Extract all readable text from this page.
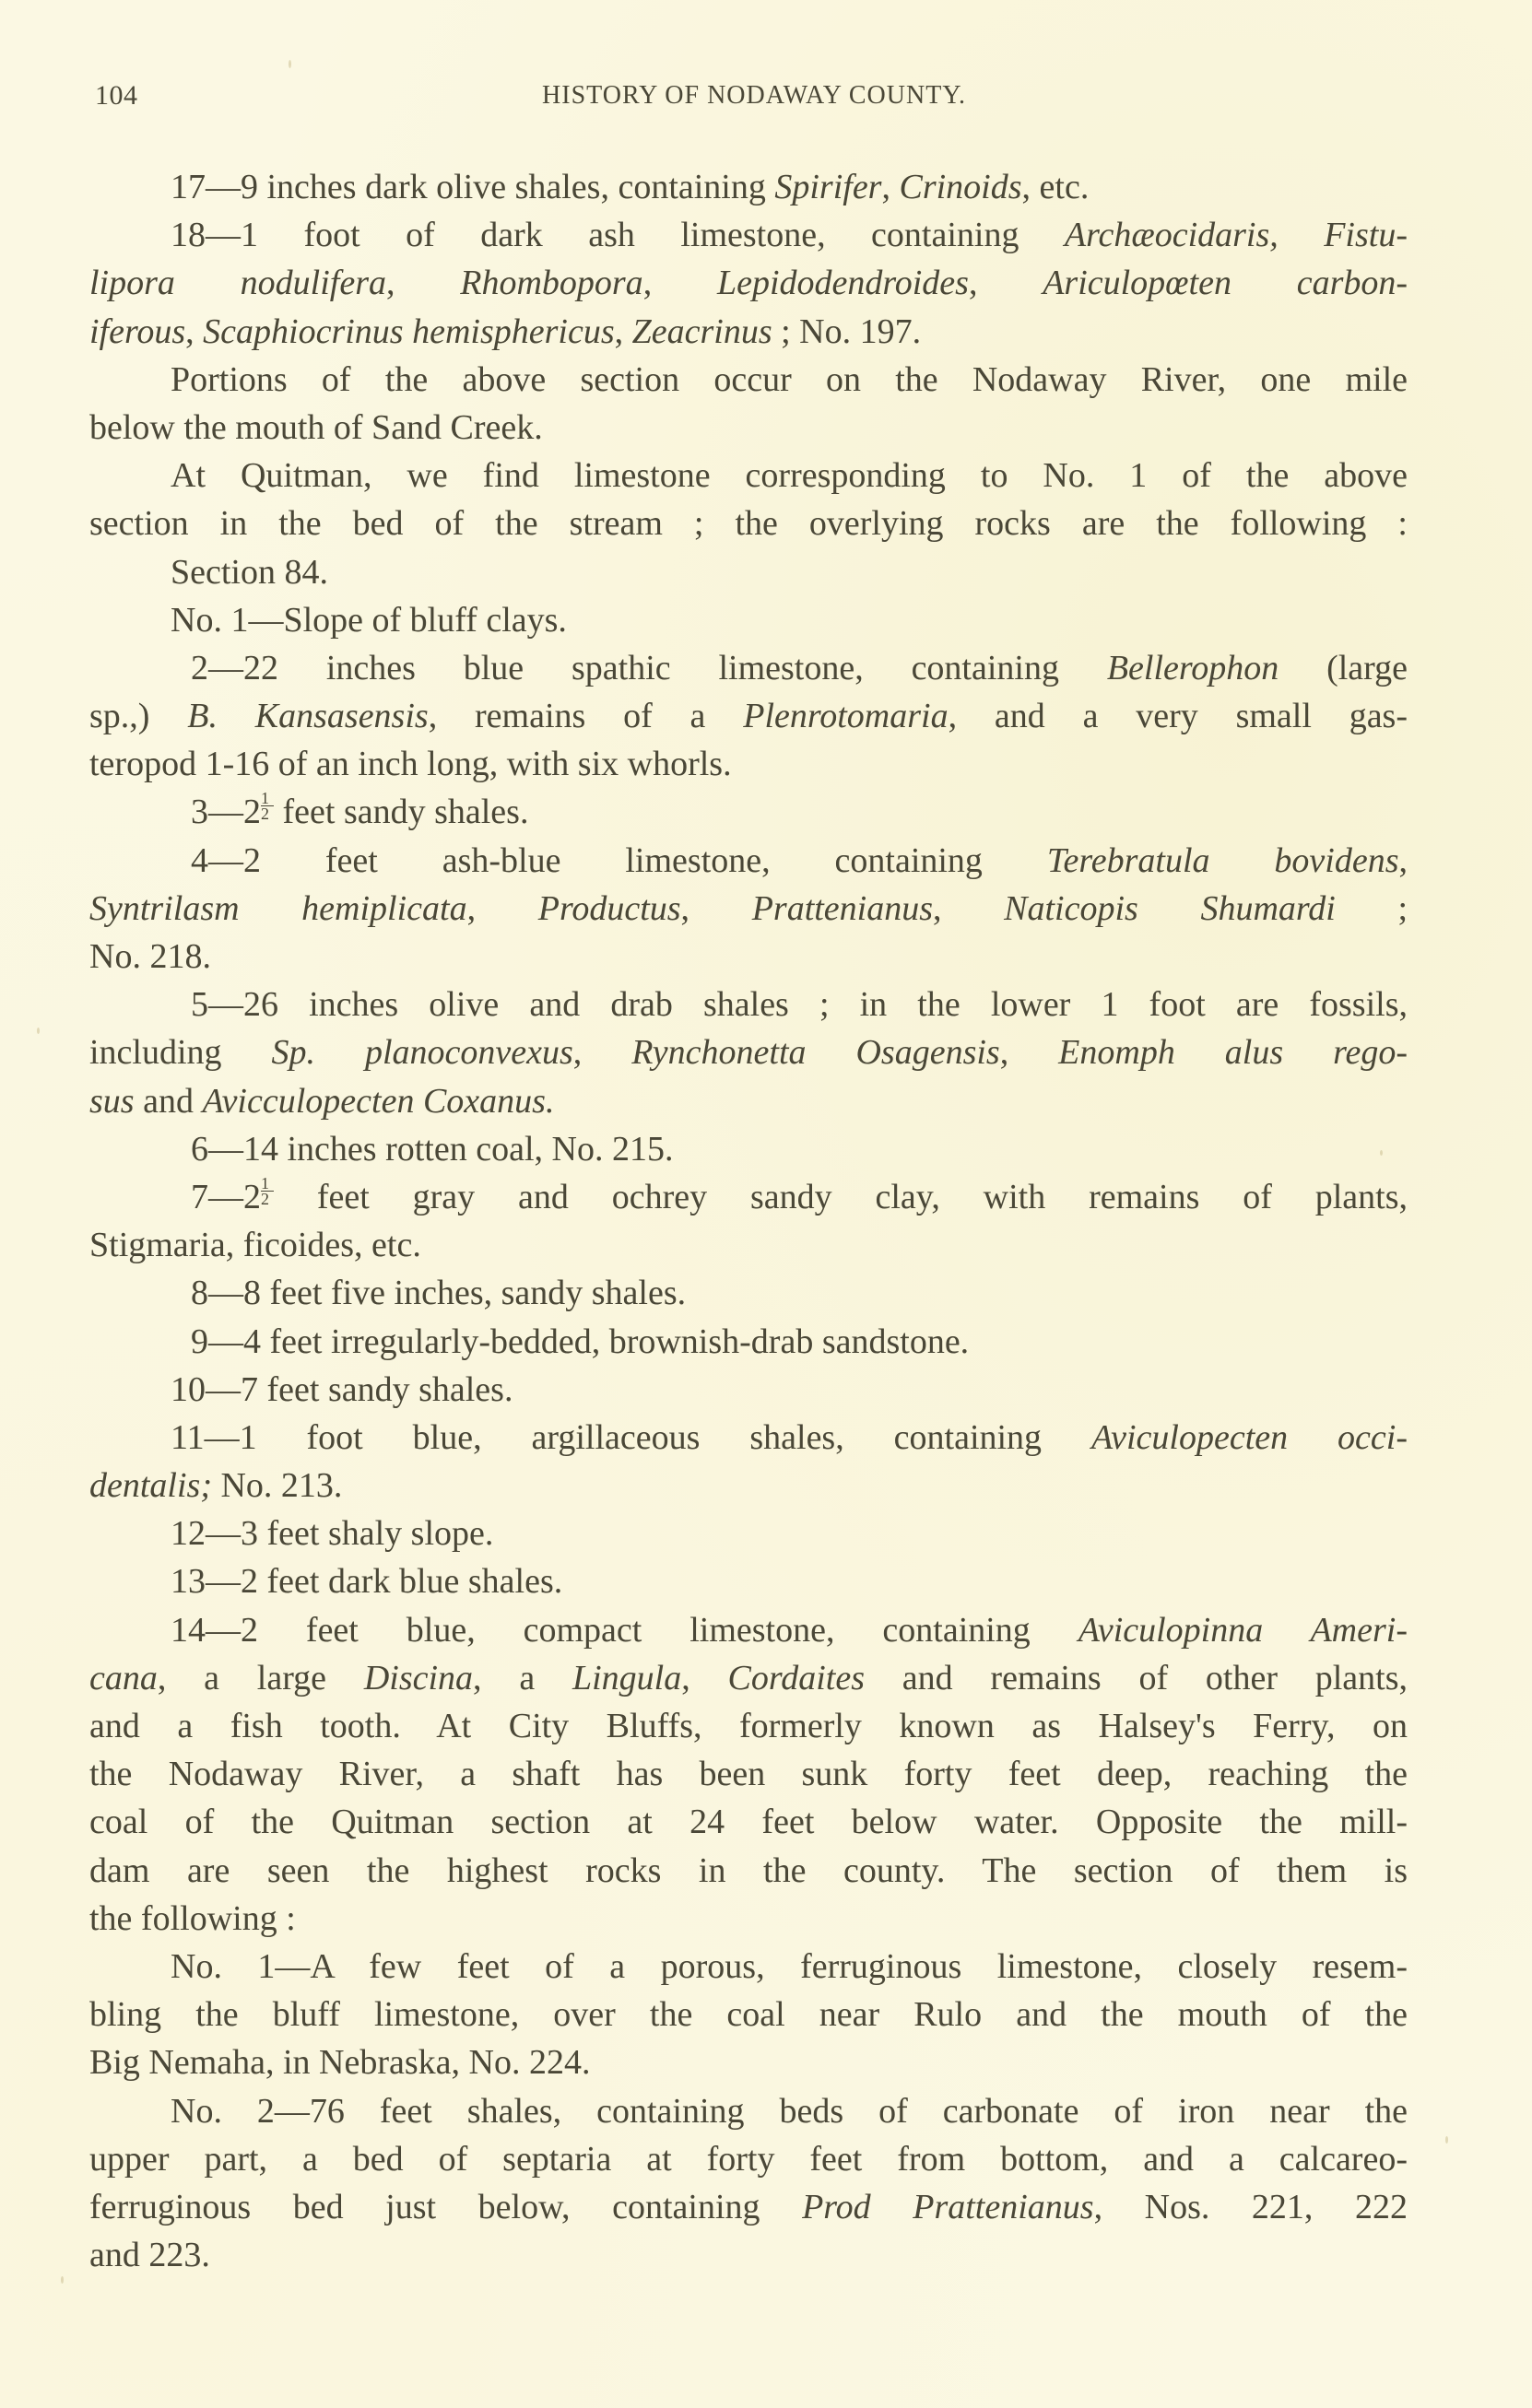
104	HISTORY OF NODAWAY COUNTY.
17—9 inches dark olive shales, containing Spirifer, Crinoids, etc.
18—1 foot of dark ash limestone, containing Archæocidaris, Fistu-
lipora nodulifera, Rhombopora, Lepidodendroides, Ariculopœten carbon-
iferous, Scaphiocrinus hemisphericus, Zeacrinus ; No. 197.
Portions of the above section occur on the Nodaway River, one mile
below the mouth of Sand Creek.
At Quitman, we find limestone corresponding to No. 1 of the above
section in the bed of the stream ; the overlying rocks are the following :
Section 84.
No. 1—Slope of bluff clays.
2—22 inches blue spathic limestone, containing Bellerophon (large
sp.,) B. Kansasensis, remains of a Plenrotomaria, and a very small gas-
teropod 1-16 of an inch long, with six whorls.
3—2 $\frac{1}{2}$ feet sandy shales.
4—2 feet ash-blue limestone, containing Terebratula bovidens,
Syntrilasm hemiplicata, Productus, Prattenianus, Naticopis Shumardi ;
No. 218.
5—26 inches olive and drab shales ; in the lower 1 foot are fossils,
including Sp. planoconvexus, Rynchonetta Osagensis, Enomph alus rego-
sus and Avicculopecten Coxanus.
6—14 inches rotten coal, No. 215.
7—2 $\frac{1}{2}$ feet gray and ochrey sandy clay, with remains of plants,
Stigmaria, ficoides, etc.
8—8 feet five inches, sandy shales.
9—4 feet irregularly-bedded, brownish-drab sandstone.
10—7 feet sandy shales.
11—1 foot blue, argillaceous shales, containing Aviculopecten occi-
dentalis; No. 213.
12—3 feet shaly slope.
13—2 feet dark blue shales.
14—2 feet blue, compact limestone, containing Aviculopinna Ameri-
cana, a large Discina, a Lingula, Cordaites and remains of other plants,
and a fish tooth. At City Bluffs, formerly known as Halsey's Ferry, on
the Nodaway River, a shaft has been sunk forty feet deep, reaching the
coal of the Quitman section at 24 feet below water. Opposite the mill-
dam are seen the highest rocks in the county. The section of them is
the following :
No. 1—A few feet of a porous, ferruginous limestone, closely resem-
bling the bluff limestone, over the coal near Rulo and the mouth of the
Big Nemaha, in Nebraska, No. 224.
No. 2—76 feet shales, containing beds of carbonate of iron near the
upper part, a bed of septaria at forty feet from bottom, and a calcareo-
ferruginous bed just below, containing Prod Prattenianus, Nos. 221, 222
and 223.
